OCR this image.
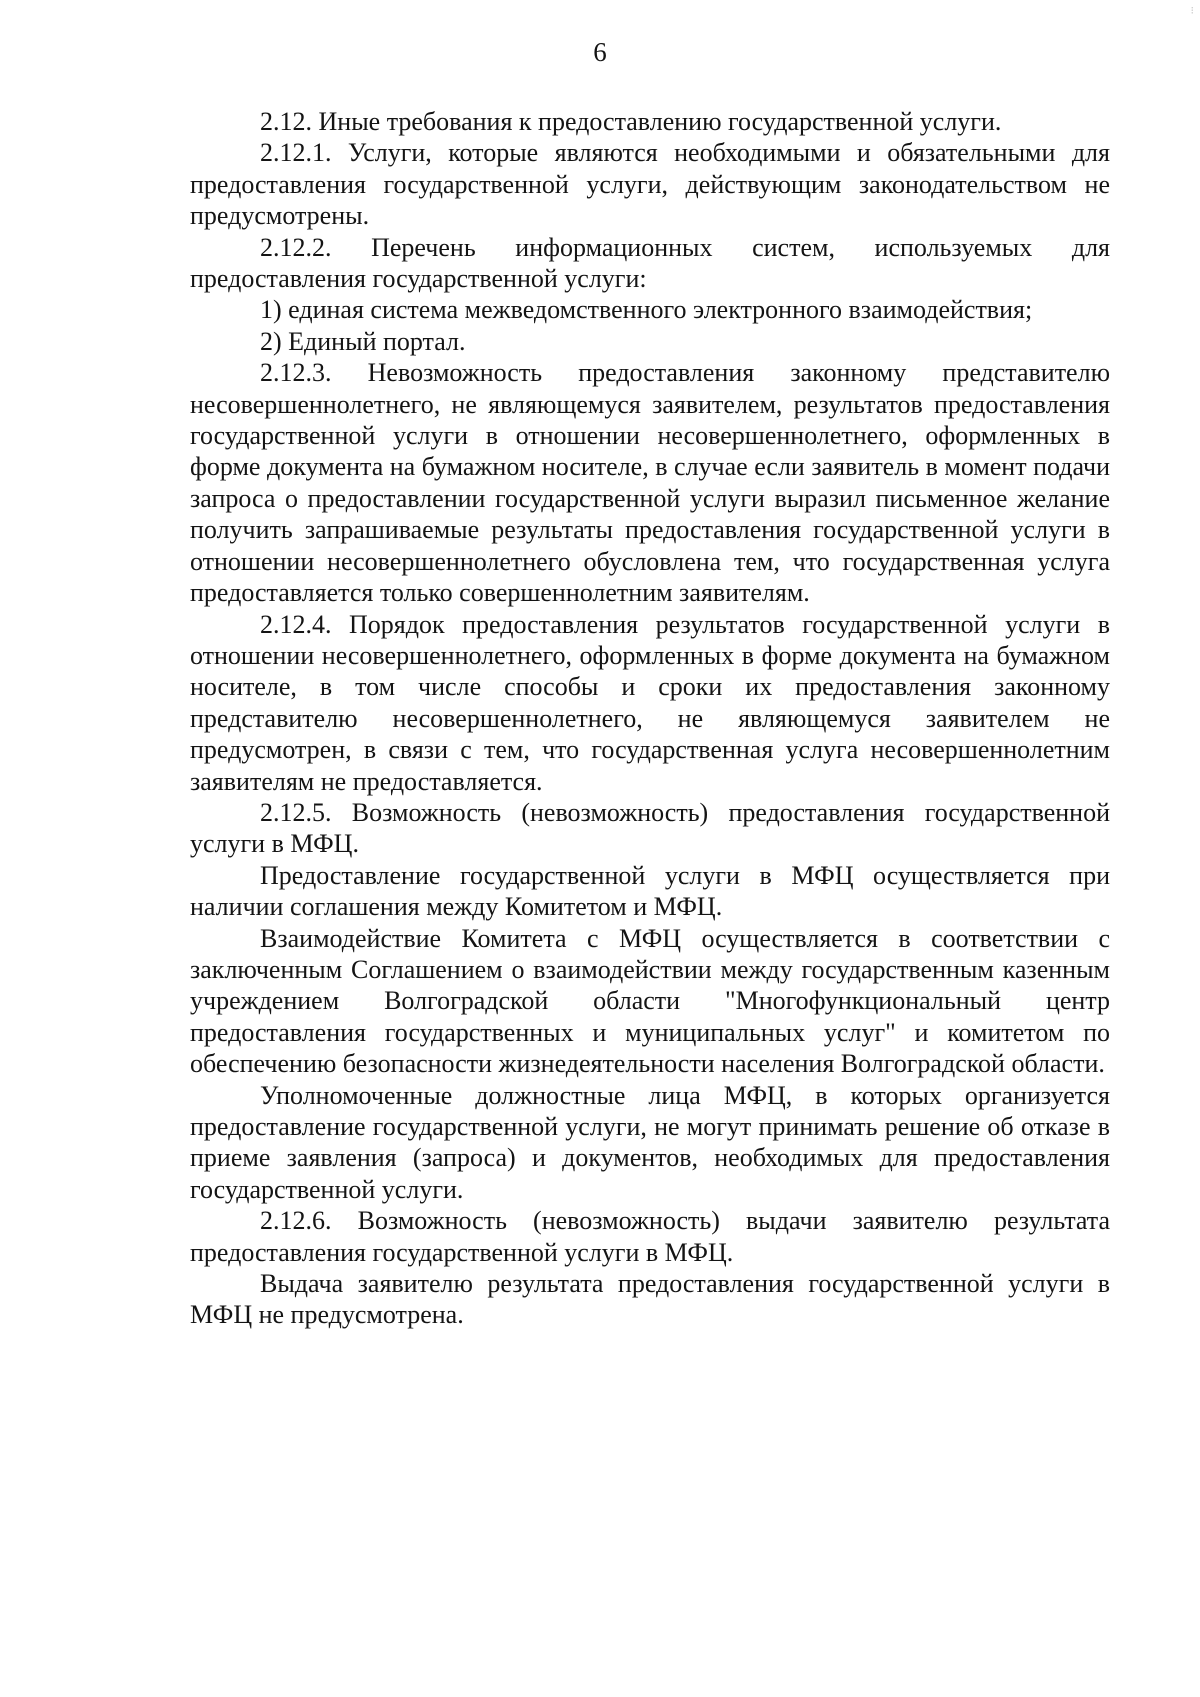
⁝
6

2.12. Иные требования к предоставлению государственной услуги.

2.12.1. Услуги, которые являются необходимыми и обязательными для предоставления государственной услуги, действующим законодательством не предусмотрены.

2.12.2. Перечень информационных систем, используемых для предоставления государственной услуги:

1) единая система межведомственного электронного взаимодействия;

2) Единый портал.

2.12.3. Невозможность предоставления законному представителю несовершеннолетнего, не являющемуся заявителем, результатов предоставления государственной услуги в отношении несовершеннолетнего, оформленных в форме документа на бумажном носителе, в случае если заявитель в момент подачи запроса о предоставлении государственной услуги выразил письменное желание получить запрашиваемые результаты предоставления государственной услуги в отношении несовершеннолетнего обусловлена тем, что государственная услуга предоставляется только совершеннолетним заявителям.

2.12.4. Порядок предоставления результатов государственной услуги в отношении несовершеннолетнего, оформленных в форме документа на бумажном носителе, в том числе способы и сроки их предоставления законному представителю несовершеннолетнего, не являющемуся заявителем не предусмотрен, в связи с тем, что государственная услуга несовершеннолетним заявителям не предоставляется.

2.12.5. Возможность (невозможность) предоставления государственной услуги в МФЦ.

Предоставление государственной услуги в МФЦ осуществляется при наличии соглашения между Комитетом и МФЦ.

Взаимодействие Комитета с МФЦ осуществляется в соответствии с заключенным Соглашением о взаимодействии между государственным казенным учреждением Волгоградской области "Многофункциональный центр предоставления государственных и муниципальных услуг" и комитетом по обеспечению безопасности жизнедеятельности населения Волгоградской области.

Уполномоченные должностные лица МФЦ, в которых организуется предоставление государственной услуги, не могут принимать решение об отказе в приеме заявления (запроса) и документов, необходимых для предоставления государственной услуги.

2.12.6. Возможность (невозможность) выдачи заявителю результата предоставления государственной услуги в МФЦ.

Выдача заявителю результата предоставления государственной услуги в МФЦ не предусмотрена.
